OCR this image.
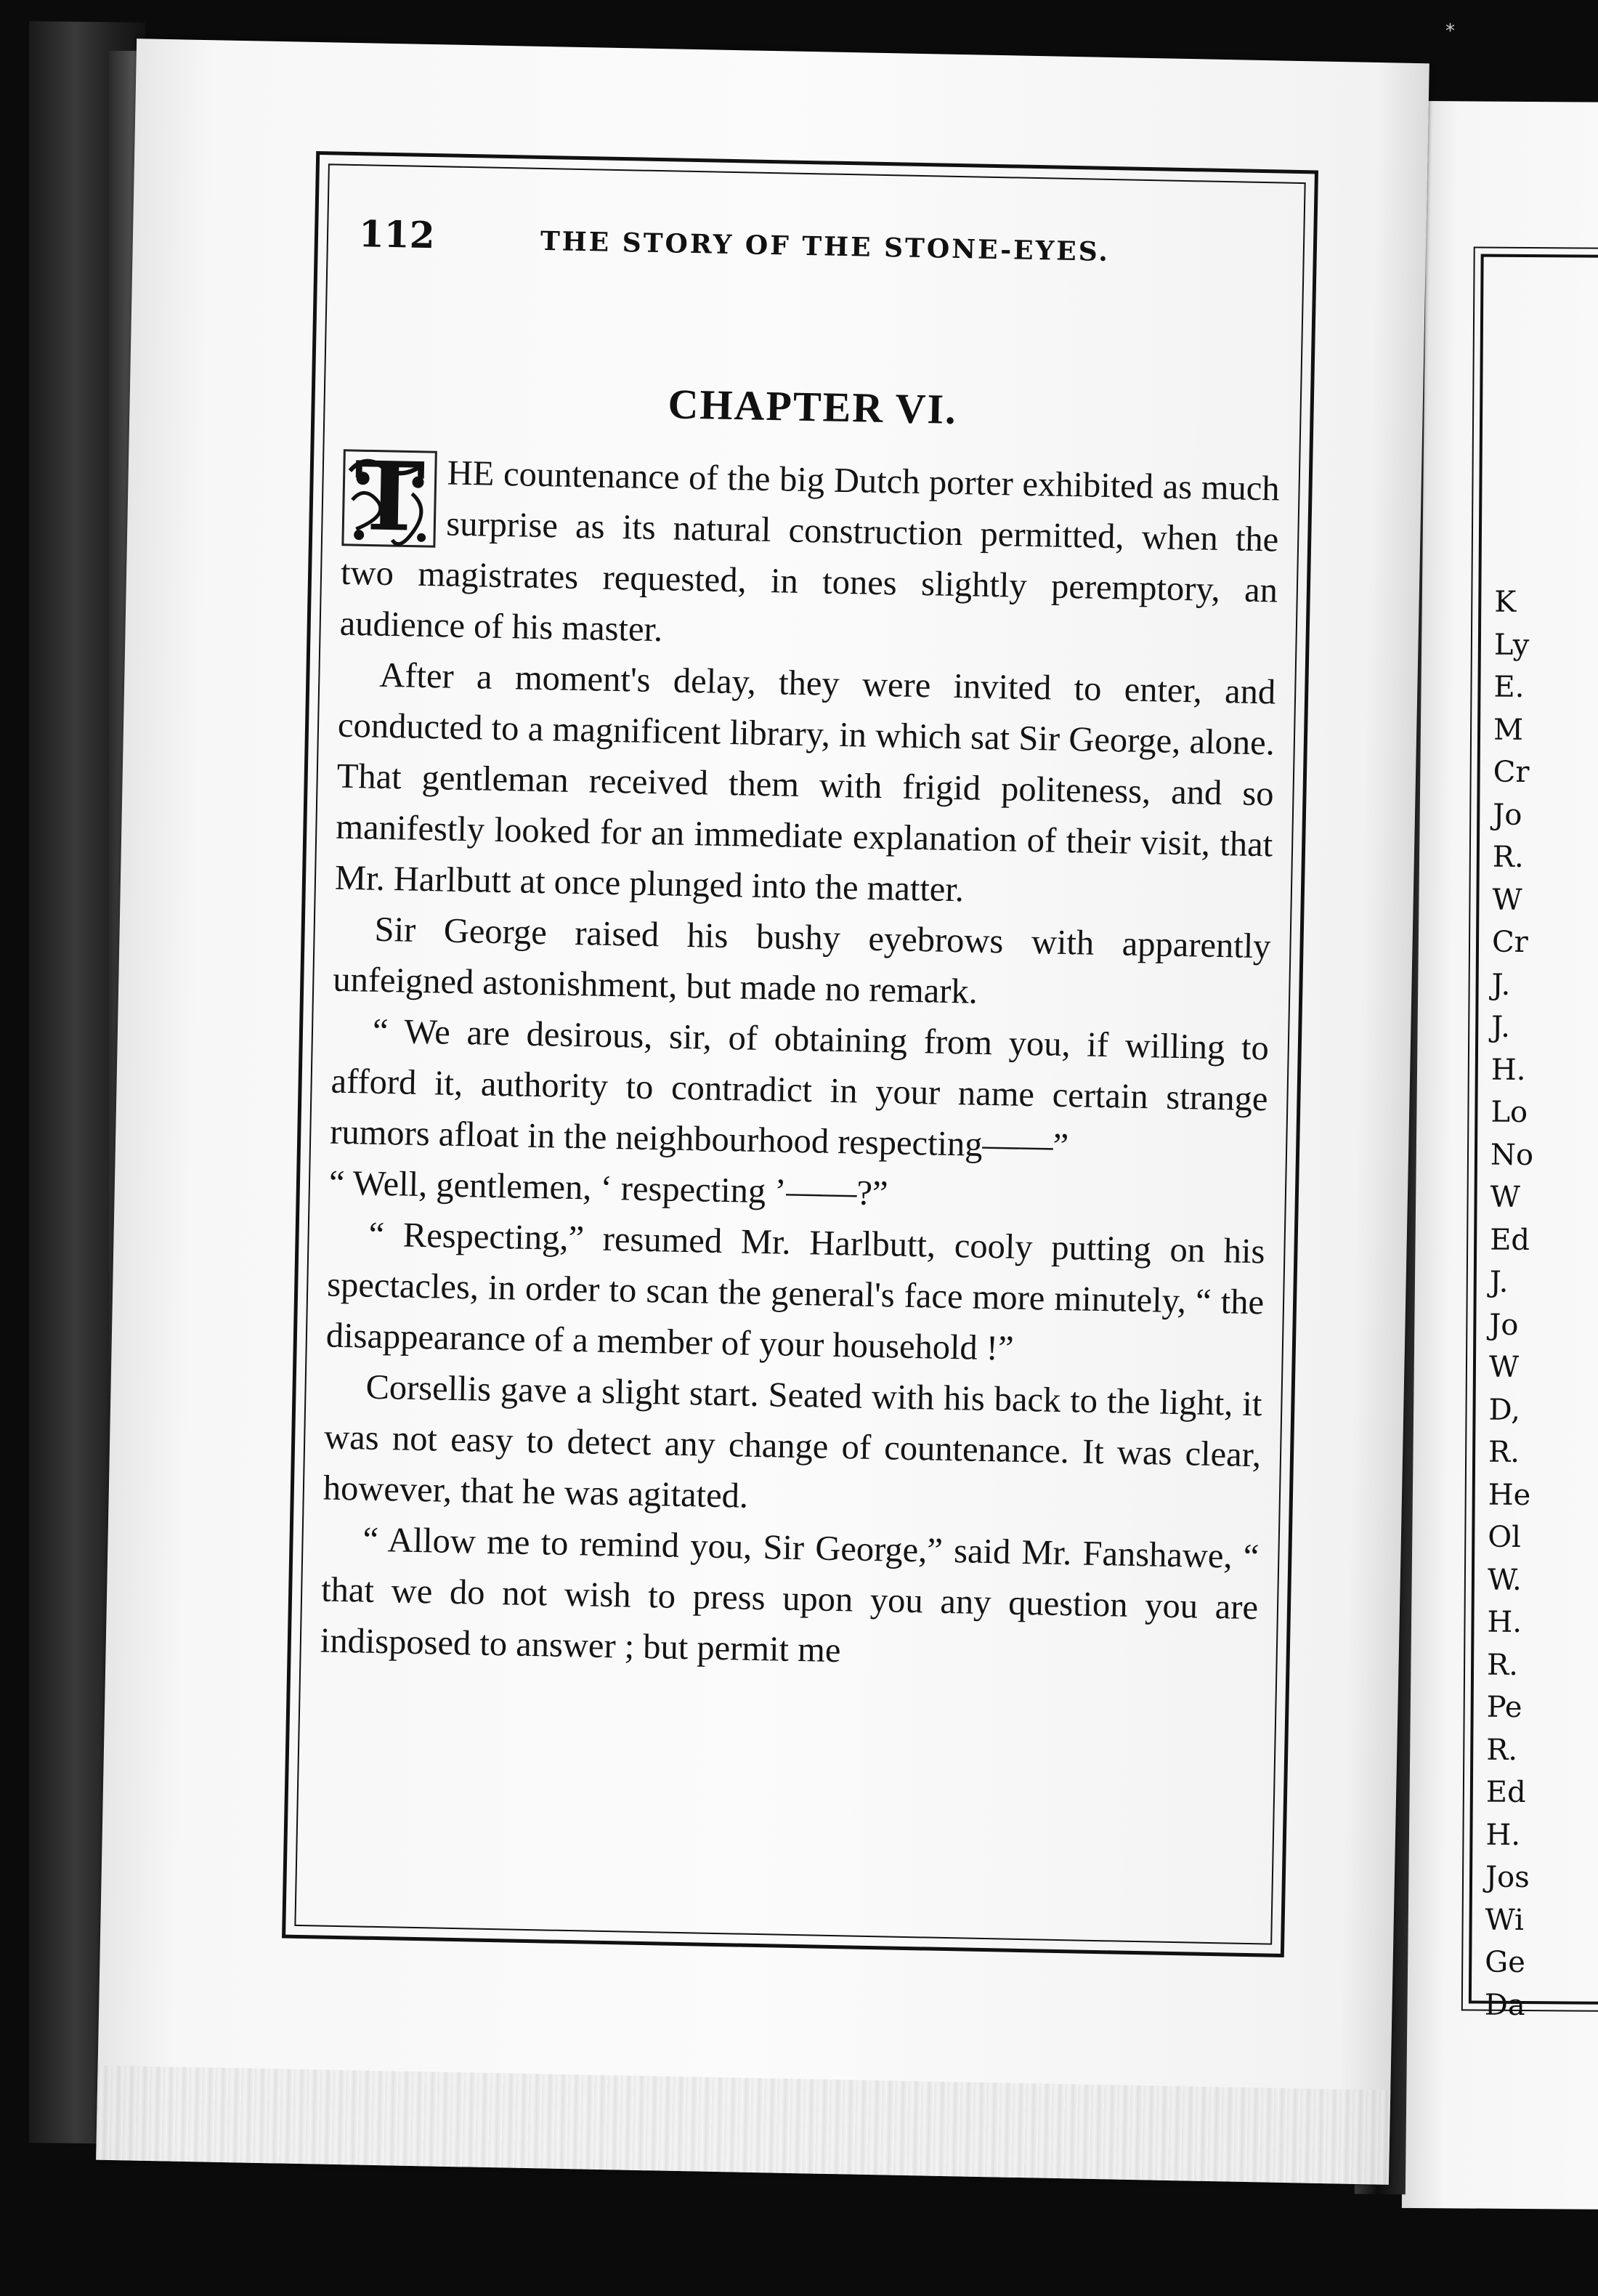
*
K
Ly
E.
M
Cr
Jo
R.
W
Cr
J.
J.
H.
Lo
No
W
Ed
J.
Jo
W
D,
R.
He
Ol
W.
H.
R.
Pe
R.
Ed
H.
Jos
Wi
Ge
Da
112	THE STORY OF THE STONE-EYES.
CHAPTER VI.

T HE countenance of the big Dutch porter exhibited as much surprise as its natural construction permitted, when the two magistrates requested, in tones slightly peremptory, an audience of his master.

After a moment's delay, they were invited to enter, and conducted to a magnificent library, in which sat Sir George, alone. That gentleman received them with frigid politeness, and so manifestly looked for an immediate explanation of their visit, that Mr. Harlbutt at once plunged into the matter.

Sir George raised his bushy eyebrows with apparently unfeigned astonishment, but made no remark.

“ We are desirous, sir, of obtaining from you, if willing to afford it, authority to contradict in your name certain strange rumors afloat in the neighbourhood respecting——”

“ Well, gentlemen, ‘ respecting ’——?”

“ Respecting,” resumed Mr. Harlbutt, cooly putting on his spectacles, in order to scan the general's face more minutely, “ the disappearance of a member of your household !”

Corsellis gave a slight start. Seated with his back to the light, it was not easy to detect any change of countenance. It was clear, however, that he was agitated.

“ Allow me to remind you, Sir George,” said Mr. Fanshawe, “ that we do not wish to press upon you any question you are indisposed to answer ; but permit me
